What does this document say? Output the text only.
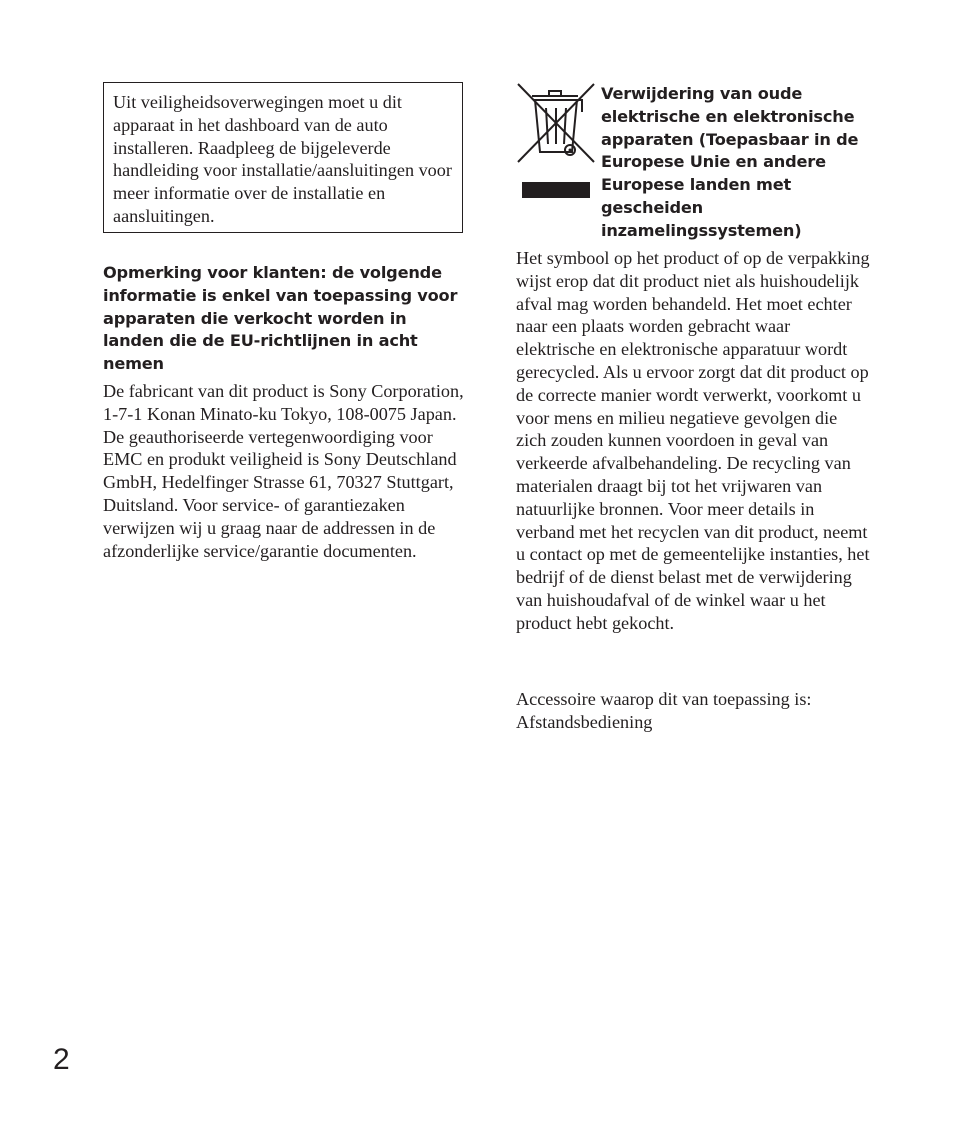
Uit veiligheidsoverwegingen moet u dit apparaat in het dashboard van de auto installeren. Raadpleeg de bijgeleverde handleiding voor installatie/aansluitingen voor meer informatie over de installatie en aansluitingen.

Opmerking voor klanten: de volgende informatie is enkel van toepassing voor apparaten die verkocht worden in landen die de EU-richtlijnen in acht nemen

De fabricant van dit product is Sony Corporation, 1-7-1 Konan Minato-ku Tokyo, 108-0075 Japan. De geauthoriseerde vertegenwoordiging voor EMC en produkt veiligheid is Sony Deutschland GmbH, Hedelfinger Strasse 61, 70327 Stuttgart, Duitsland. Voor service- of garantiezaken verwijzen wij u graag naar de addressen in de afzonderlijke service/garantie documenten.

Verwijdering van oude elektrische en elektronische apparaten (Toepasbaar in de Europese Unie en andere Europese landen met gescheiden inzamelingssystemen)

Het symbool op het product of op de verpakking wijst erop dat dit product niet als huishoudelijk afval mag worden behandeld. Het moet echter naar een plaats worden gebracht waar elektrische en elektronische apparatuur wordt gerecycled. Als u ervoor zorgt dat dit product op de correcte manier wordt verwerkt, voorkomt u voor mens en milieu negatieve gevolgen die zich zouden kunnen voordoen in geval van verkeerde afvalbehandeling. De recycling van materialen draagt bij tot het vrijwaren van natuurlijke bronnen. Voor meer details in verband met het recyclen van dit product, neemt u contact op met de gemeentelijke instanties, het bedrijf of de dienst belast met de verwijdering van huishoudafval of de winkel waar u het product hebt gekocht.

Accessoire waarop dit van toepassing is: Afstandsbediening

2
